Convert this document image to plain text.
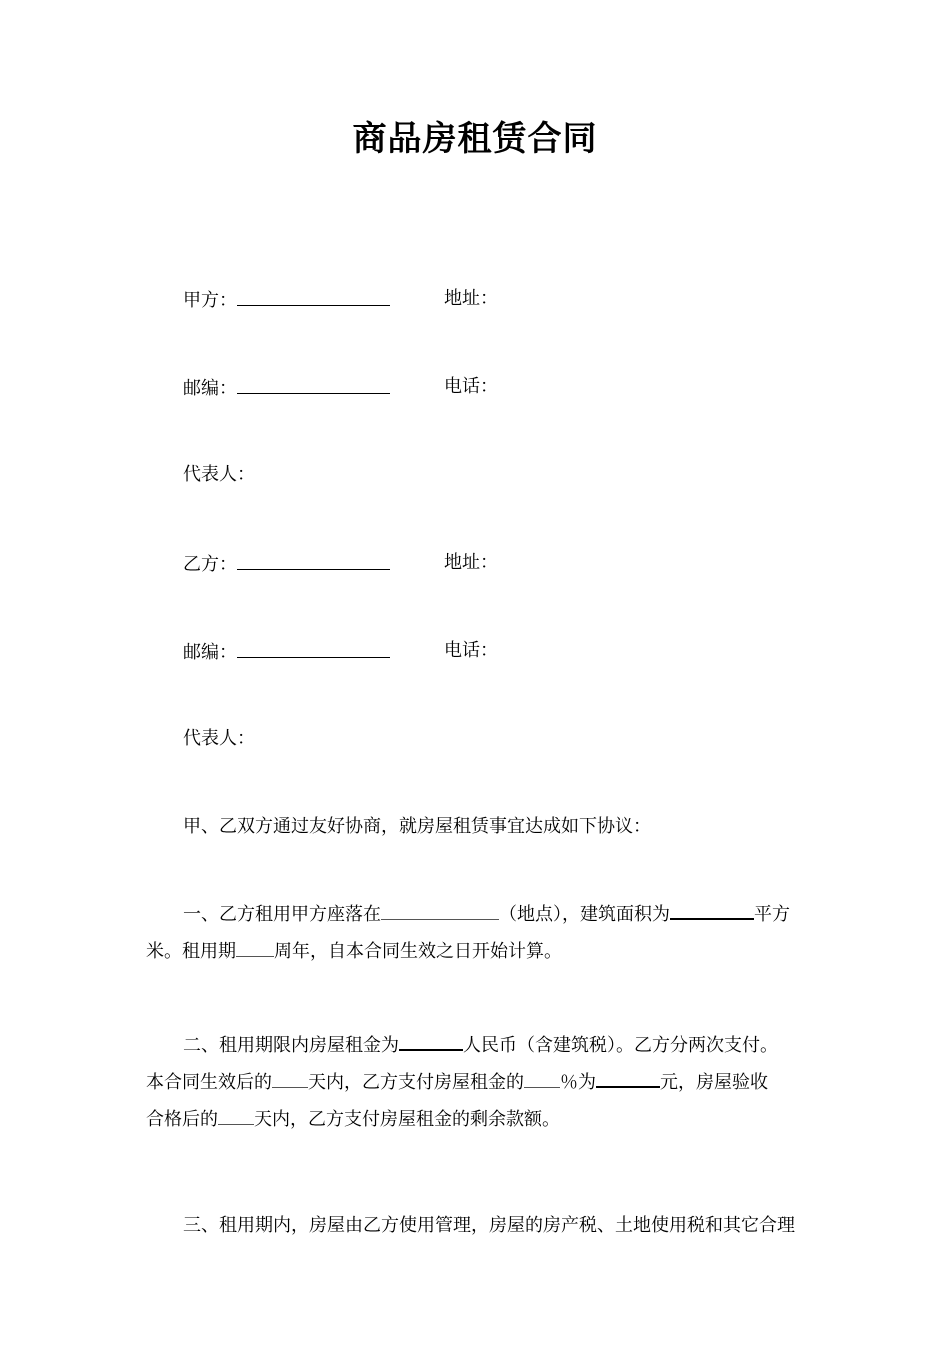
商品房租赁合同
甲方：	地址：
邮编：	电话：
代表人：
乙方：	地址：
邮编：	电话：
代表人：
甲、乙双方通过友好协商，就房屋租赁事宜达成如下协议：
一、乙方租用甲方座落在	（地点），建筑面积为	平方
米。租用期 周年，自本合同生效之日开始计算。
二、租用期限内房屋租金为	人民币（含建筑税）。乙方分两次支付。
本合同生效后的 天内，乙方支付房屋租金的 ％为	元，房屋验收
合格后的 天内，乙方支付房屋租金的剩余款额。
三、租用期内，房屋由乙方使用管理，房屋的房产税、土地使用税和其它合理
